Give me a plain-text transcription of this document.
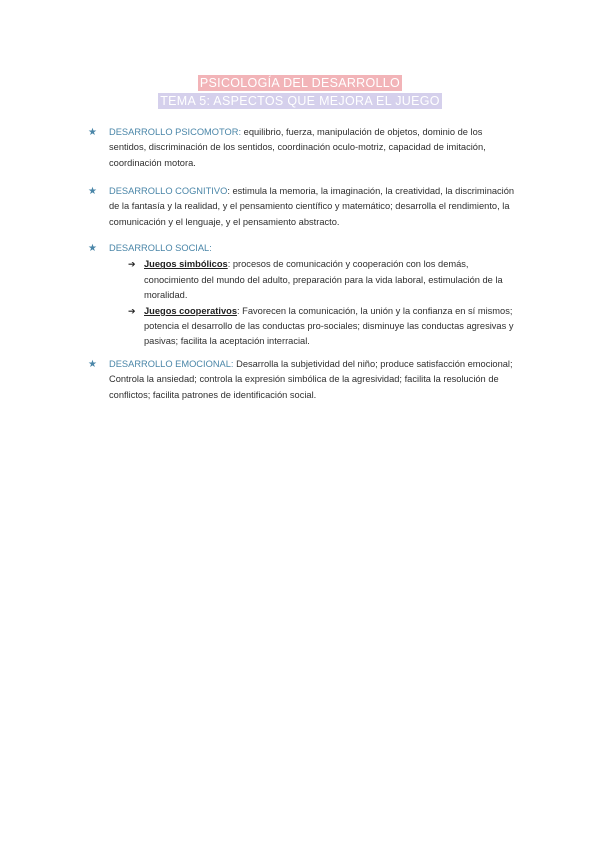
PSICOLOGÍA DEL DESARROLLO
TEMA 5: ASPECTOS QUE MEJORA EL JUEGO
★ DESARROLLO PSICOMOTOR: equilibrio, fuerza, manipulación de objetos, dominio de los sentidos, discriminación de los sentidos, coordinación oculo-motriz, capacidad de imitación, coordinación motora.
★ DESARROLLO COGNITIVO: estimula la memoria, la imaginación, la creatividad, la discriminación de la fantasía y la realidad, y el pensamiento científico y matemático; desarrolla el rendimiento, la comunicación y el lenguaje, y el pensamiento abstracto.
★ DESARROLLO SOCIAL:
➔ Juegos simbólicos: procesos de comunicación y cooperación con los demás, conocimiento del mundo del adulto, preparación para la vida laboral, estimulación de la moralidad.
➔ Juegos cooperativos: Favorecen la comunicación, la unión y la confianza en sí mismos; potencia el desarrollo de las conductas pro-sociales; disminuye las conductas agresivas y pasivas; facilita la aceptación interracial.
★ DESARROLLO EMOCIONAL: Desarrolla la subjetividad del niño; produce satisfacción emocional; Controla la ansiedad; controla la expresión simbólica de la agresividad; facilita la resolución de conflictos; facilita patrones de identificación social.
